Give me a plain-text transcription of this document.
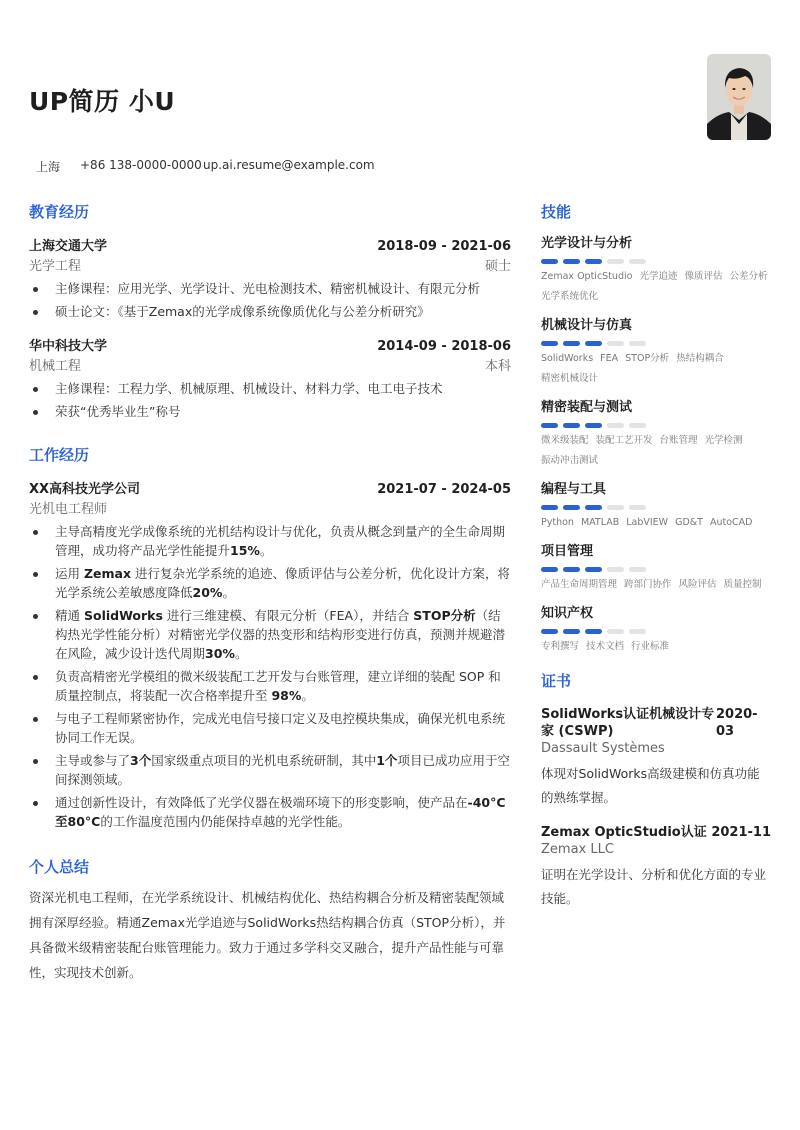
UP简历 小U
上海	+86 138-0000-0000 up.ai.resume@example.com
教育经历
上海交通大学	2018-09 - 2021-06
光学工程	硕士
主修课程：应用光学、光学设计、光电检测技术、精密机械设计、有限元分析
硕士论文：《基于Zemax的光学成像系统像质优化与公差分析研究》
华中科技大学	2014-09 - 2018-06
机械工程	本科
主修课程：工程力学、机械原理、机械设计、材料力学、电工电子技术
荣获“优秀毕业生”称号
工作经历
XX高科技光学公司	2021-07 - 2024-05
光机电工程师
主导高精度光学成像系统的光机结构设计与优化，负责从概念到量产的全生命周期管理，成功将产品光学性能提升15%。
运用 Zemax 进行复杂光学系统的追迹、像质评估与公差分析，优化设计方案，将光学系统公差敏感度降低20%。
精通 SolidWorks 进行三维建模、有限元分析（FEA），并结合 STOP分析（结构热光学性能分析）对精密光学仪器的热变形和结构形变进行仿真，预测并规避潜在风险，减少设计迭代周期30%。
负责高精密光学模组的微米级装配工艺开发与台账管理，建立详细的装配 SOP 和质量控制点，将装配一次合格率提升至 98%。
与电子工程师紧密协作，完成光电信号接口定义及电控模块集成，确保光机电系统协同工作无误。
主导或参与了3个国家级重点项目的光机电系统研制，其中1个项目已成功应用于空间探测领域。
通过创新性设计，有效降低了光学仪器在极端环境下的形变影响，使产品在-40°C至80°C的工作温度范围内仍能保持卓越的光学性能。
个人总结
资深光机电工程师，在光学系统设计、机械结构优化、热结构耦合分析及精密装配领域拥有深厚经验。精通Zemax光学追迹与SolidWorks热结构耦合仿真（STOP分析），并具备微米级精密装配台账管理能力。致力于通过多学科交叉融合，提升产品性能与可靠性，实现技术创新。
技能
光学设计与分析
Zemax OpticStudio 光学追迹 像质评估 公差分析
光学系统优化
机械设计与仿真
SolidWorks FEA STOP分析 热结构耦合
精密机械设计
精密装配与测试
微米级装配 装配工艺开发 台账管理 光学检测
振动冲击测试
编程与工具
Python MATLAB LabVIEW GD&T AutoCAD
项目管理
产品生命周期管理 跨部门协作 风险评估 质量控制
知识产权
专利撰写 技术文档 行业标准
证书
SolidWorks认证机械设计专家 (CSWP)
2020-03
Dassault Systèmes
体现对SolidWorks高级建模和仿真功能的熟练掌握。
Zemax OpticStudio认证 2021-11
Zemax LLC
证明在光学设计、分析和优化方面的专业技能。
